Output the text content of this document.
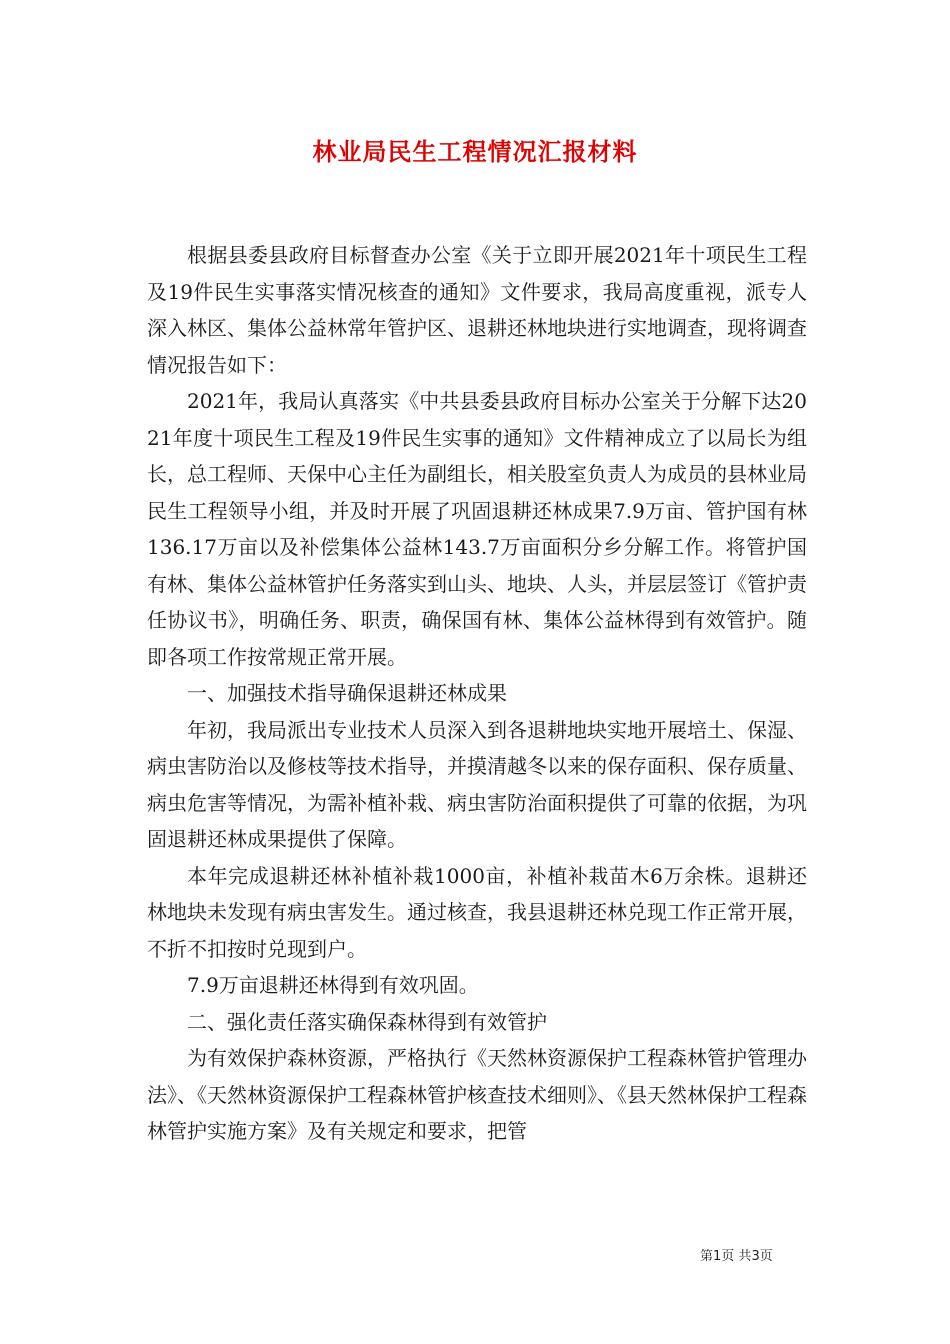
林业局民生工程情况汇报材料

根据县委县政府目标督查办公室《关于立即开展2021年十项民生工程及19件民生实事落实情况核查的通知》文件要求，我局高度重视，派专人深入林区、集体公益林常年管护区、退耕还林地块进行实地调查，现将调查情况报告如下：

2021年，我局认真落实《中共县委县政府目标办公室关于分解下达2021年度十项民生工程及19件民生实事的通知》文件精神成立了以局长为组长，总工程师、天保中心主任为副组长，相关股室负责人为成员的县林业局民生工程领导小组，并及时开展了巩固退耕还林成果7.9万亩、管护国有林136.17万亩以及补偿集体公益林143.7万亩面积分乡分解工作。将管护国有林、集体公益林管护任务落实到山头、地块、人头，并层层签订《管护责任协议书》，明确任务、职责，确保国有林、集体公益林得到有效管护。随即各项工作按常规正常开展。

一、加强技术指导确保退耕还林成果

年初，我局派出专业技术人员深入到各退耕地块实地开展培土、保湿、病虫害防治以及修枝等技术指导，并摸清越冬以来的保存面积、保存质量、病虫危害等情况，为需补植补栽、病虫害防治面积提供了可靠的依据，为巩固退耕还林成果提供了保障。

本年完成退耕还林补植补栽1000亩，补植补栽苗木6万余株。退耕还林地块未发现有病虫害发生。通过核查，我县退耕还林兑现工作正常开展，不折不扣按时兑现到户。

7.9万亩退耕还林得到有效巩固。

二、强化责任落实确保森林得到有效管护

为有效保护森林资源，严格执行《天然林资源保护工程森林管护管理办法》、《天然林资源保护工程森林管护核查技术细则》、《县天然林保护工程森林管护实施方案》及有关规定和要求，把管

第1页 共3页
